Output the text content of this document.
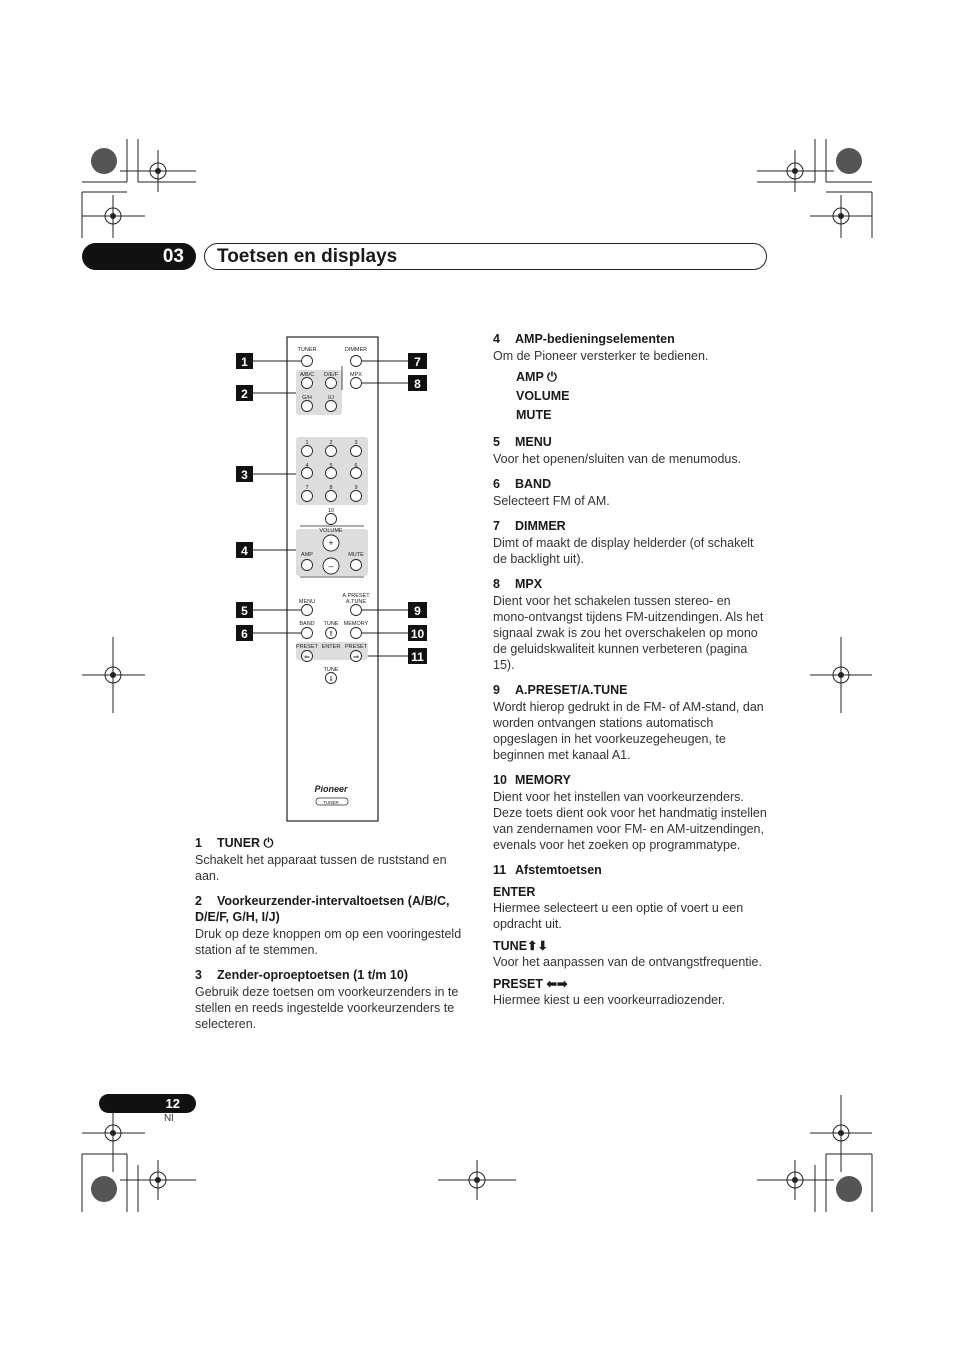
03	Toetsen en displays
TUNER	DIMMER
A/B/C D/E/F MPX
G/H	I/J
1	2	3
4	5	6
7	8	9
10
VOLUME
AMP	MUTE
+
–
MENU
A.PRESET
A.TUNE
BAND TUNE MEMORY
PRESET ENTER PRESET
TUNE
Pioneer
TUNER
⇑
⇐	⇒
⇓
1
2
3
4
5
6
7
8
9
10
11
1 TUNER ⏻
Schakelt het apparaat tussen de ruststand en aan.
2 Voorkeurzender-intervaltoetsen (A/B/C, D/E/F, G/H, I/J)
Druk op deze knoppen om op een vooringesteld station af te stemmen.
3 Zender-oproeptoetsen (1 t/m 10)
Gebruik deze toetsen om voorkeurzenders in te stellen en reeds ingestelde voorkeurzenders te selecteren.
4 AMP-bedieningselementen
Om de Pioneer versterker te bedienen.
AMP ⏻
VOLUME
MUTE
5 MENU
Voor het openen/sluiten van de menumodus.
6 BAND
Selecteert FM of AM.
7 DIMMER
Dimt of maakt de display helderder (of schakelt de backlight uit).
8 MPX
Dient voor het schakelen tussen stereo- en mono-ontvangst tijdens FM-uitzendingen. Als het signaal zwak is zou het overschakelen op mono de geluidskwaliteit kunnen verbeteren (pagina 15).
9 A.PRESET/A.TUNE
Wordt hierop gedrukt in de FM- of AM-stand, dan worden ontvangen stations automatisch opgeslagen in het voorkeuzegeheugen, te beginnen met kanaal A1.
10 MEMORY
Dient voor het instellen van voorkeurzenders. Deze toets dient ook voor het handmatig instellen van zendernamen voor FM- en AM-uitzendingen, evenals voor het zoeken op programmatype.
11 Afstemtoetsen
ENTER
Hiermee selecteert u een optie of voert u een opdracht uit.
TUNE⬆⬇
Voor het aanpassen van de ontvangstfrequentie.
PRESET ⬅➡
Hiermee kiest u een voorkeurradiozender.
12
Nl
